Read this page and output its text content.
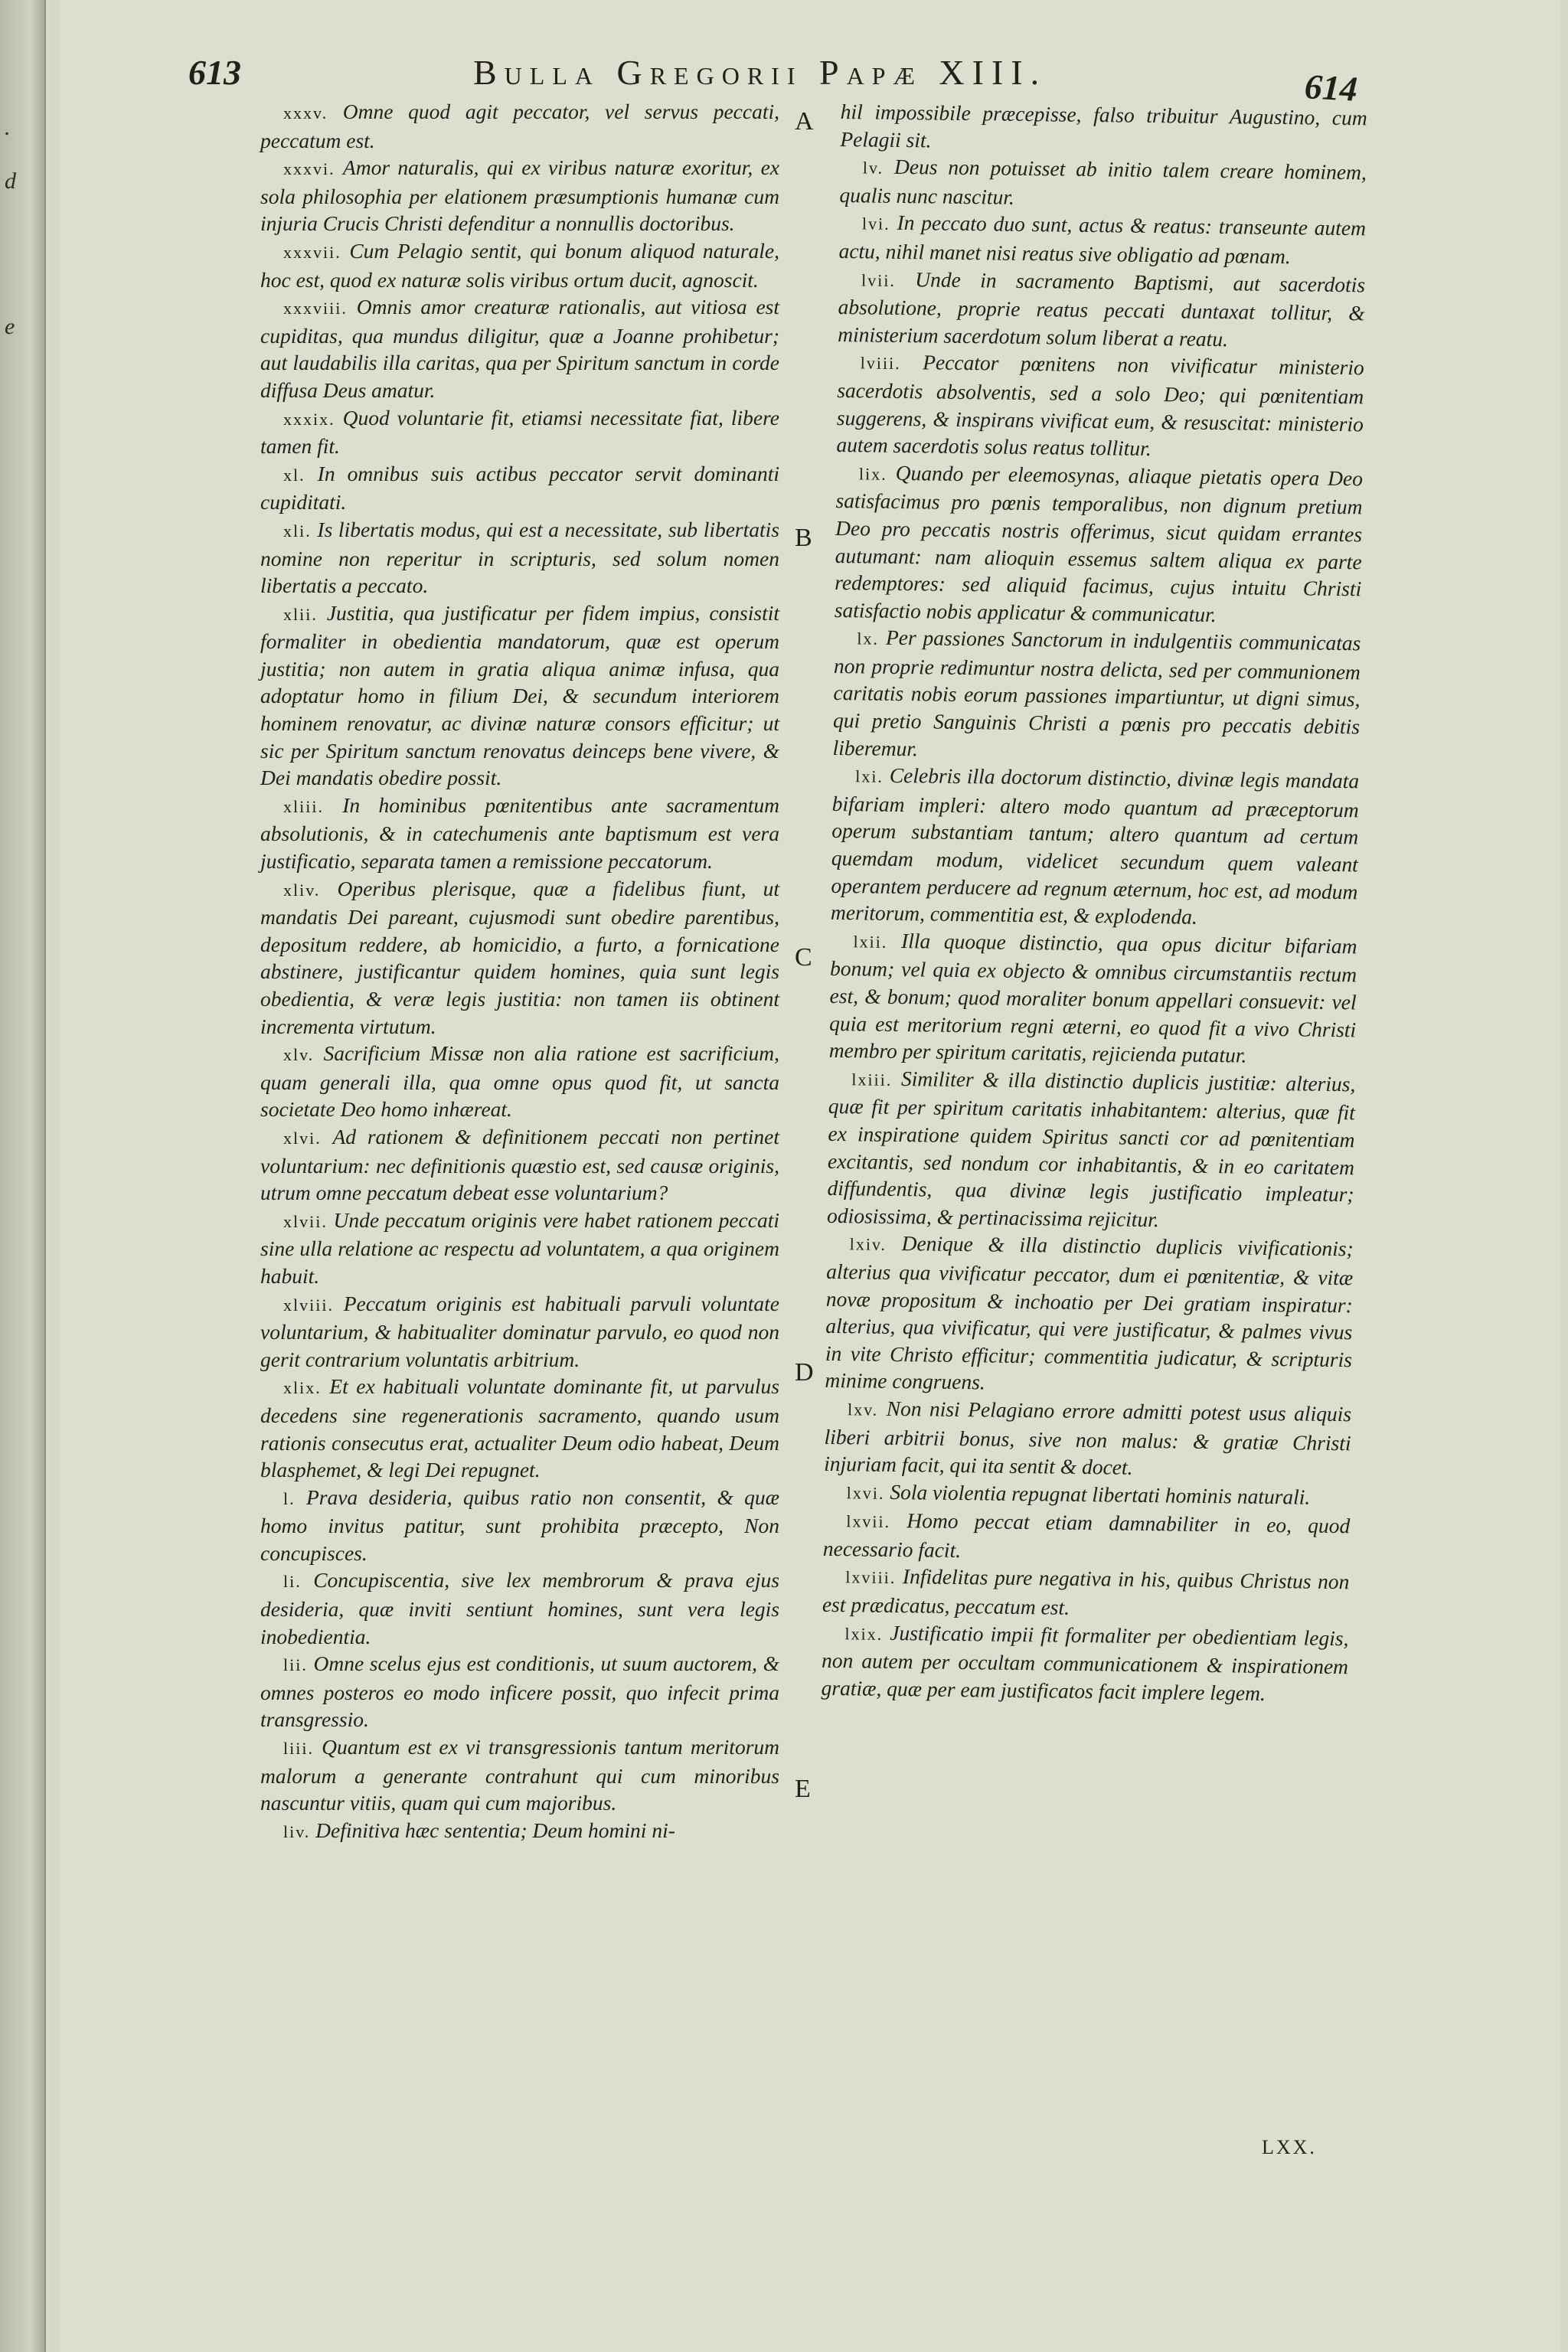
.
d
e
613	Bulla Gregorii Papæ XIII.	614
A
B
C
D
E

xxxv. Omne quod agit peccator, vel servus peccati, peccatum est.

xxxvi. Amor naturalis, qui ex viribus naturæ exoritur, ex sola philosophia per elationem præsumptionis humanæ cum injuria Crucis Christi defenditur a nonnullis doctoribus.

xxxvii. Cum Pelagio sentit, qui bonum aliquod naturale, hoc est, quod ex naturæ solis viribus ortum ducit, agnoscit.

xxxviii. Omnis amor creaturæ rationalis, aut vitiosa est cupiditas, qua mundus diligitur, quæ a Joanne prohibetur; aut laudabilis illa caritas, qua per Spiritum sanctum in corde diffusa Deus amatur.

xxxix. Quod voluntarie fit, etiamsi necessitate fiat, libere tamen fit.

xl. In omnibus suis actibus peccator servit dominanti cupiditati.

xli. Is libertatis modus, qui est a necessitate, sub libertatis nomine non reperitur in scripturis, sed solum nomen libertatis a peccato.

xlii. Justitia, qua justificatur per fidem impius, consistit formaliter in obedientia mandatorum, quæ est operum justitia; non autem in gratia aliqua animæ infusa, qua adoptatur homo in filium Dei, & secundum interiorem hominem renovatur, ac divinæ naturæ consors efficitur; ut sic per Spiritum sanctum renovatus deinceps bene vivere, & Dei mandatis obedire possit.

xliii. In hominibus pœnitentibus ante sacramentum absolutionis, & in catechumenis ante baptismum est vera justificatio, separata tamen a remissione peccatorum.

xliv. Operibus plerisque, quæ a fidelibus fiunt, ut mandatis Dei pareant, cujusmodi sunt obedire parentibus, depositum reddere, ab homicidio, a furto, a fornicatione abstinere, justificantur quidem homines, quia sunt legis obedientia, & veræ legis justitia: non tamen iis obtinent incrementa virtutum.

xlv. Sacrificium Missæ non alia ratione est sacrificium, quam generali illa, qua omne opus quod fit, ut sancta societate Deo homo inhæreat.

xlvi. Ad rationem & definitionem peccati non pertinet voluntarium: nec definitionis quæstio est, sed causæ originis, utrum omne peccatum debeat esse voluntarium?

xlvii. Unde peccatum originis vere habet rationem peccati sine ulla relatione ac respectu ad voluntatem, a qua originem habuit.

xlviii. Peccatum originis est habituali parvuli voluntate voluntarium, & habitualiter dominatur parvulo, eo quod non gerit contrarium voluntatis arbitrium.

xlix. Et ex habituali voluntate dominante fit, ut parvulus decedens sine regenerationis sacramento, quando usum rationis consecutus erat, actualiter Deum odio habeat, Deum blasphemet, & legi Dei repugnet.

l. Prava desideria, quibus ratio non consentit, & quæ homo invitus patitur, sunt prohibita præcepto, Non concupisces.

li. Concupiscentia, sive lex membrorum & prava ejus desideria, quæ inviti sentiunt homines, sunt vera legis inobedientia.

lii. Omne scelus ejus est conditionis, ut suum auctorem, & omnes posteros eo modo inficere possit, quo infecit prima transgressio.

liii. Quantum est ex vi transgressionis tantum meritorum malorum a generante contrahunt qui cum minoribus nascuntur vitiis, quam qui cum majoribus.

liv. Definitiva hæc sententia; Deum homini ni-

hil impossibile præcepisse, falso tribuitur Augustino, cum Pelagii sit.

lv. Deus non potuisset ab initio talem creare hominem, qualis nunc nascitur.

lvi. In peccato duo sunt, actus & reatus: transeunte autem actu, nihil manet nisi reatus sive obligatio ad pœnam.

lvii. Unde in sacramento Baptismi, aut sacerdotis absolutione, proprie reatus peccati duntaxat tollitur, & ministerium sacerdotum solum liberat a reatu.

lviii. Peccator pœnitens non vivificatur ministerio sacerdotis absolventis, sed a solo Deo; qui pœnitentiam suggerens, & inspirans vivificat eum, & resuscitat: ministerio autem sacerdotis solus reatus tollitur.

lix. Quando per eleemosynas, aliaque pietatis opera Deo satisfacimus pro pœnis temporalibus, non dignum pretium Deo pro peccatis nostris offerimus, sicut quidam errantes autumant: nam alioquin essemus saltem aliqua ex parte redemptores: sed aliquid facimus, cujus intuitu Christi satisfactio nobis applicatur & communicatur.

lx. Per passiones Sanctorum in indulgentiis communicatas non proprie redimuntur nostra delicta, sed per communionem caritatis nobis eorum passiones impartiuntur, ut digni simus, qui pretio Sanguinis Christi a pœnis pro peccatis debitis liberemur.

lxi. Celebris illa doctorum distinctio, divinæ legis mandata bifariam impleri: altero modo quantum ad præceptorum operum substantiam tantum; altero quantum ad certum quemdam modum, videlicet secundum quem valeant operantem perducere ad regnum æternum, hoc est, ad modum meritorum, commentitia est, & explodenda.

lxii. Illa quoque distinctio, qua opus dicitur bifariam bonum; vel quia ex objecto & omnibus circumstantiis rectum est, & bonum; quod moraliter bonum appellari consuevit: vel quia est meritorium regni æterni, eo quod fit a vivo Christi membro per spiritum caritatis, rejicienda putatur.

lxiii. Similiter & illa distinctio duplicis justitiæ: alterius, quæ fit per spiritum caritatis inhabitantem: alterius, quæ fit ex inspiratione quidem Spiritus sancti cor ad pœnitentiam excitantis, sed nondum cor inhabitantis, & in eo caritatem diffundentis, qua divinæ legis justificatio impleatur; odiosissima, & pertinacissima rejicitur.

lxiv. Denique & illa distinctio duplicis vivificationis; alterius qua vivificatur peccator, dum ei pœnitentiæ, & vitæ novæ propositum & inchoatio per Dei gratiam inspiratur: alterius, qua vivificatur, qui vere justificatur, & palmes vivus in vite Christo efficitur; commentitia judicatur, & scripturis minime congruens.

lxv. Non nisi Pelagiano errore admitti potest usus aliquis liberi arbitrii bonus, sive non malus: & gratiæ Christi injuriam facit, qui ita sentit & docet.

lxvi. Sola violentia repugnat libertati hominis naturali.

lxvii. Homo peccat etiam damnabiliter in eo, quod necessario facit.

lxviii. Infidelitas pure negativa in his, quibus Christus non est prædicatus, peccatum est.

lxix. Justificatio impii fit formaliter per obedientiam legis, non autem per occultam communicationem & inspirationem gratiæ, quæ per eam justificatos facit implere legem.

LXX.
